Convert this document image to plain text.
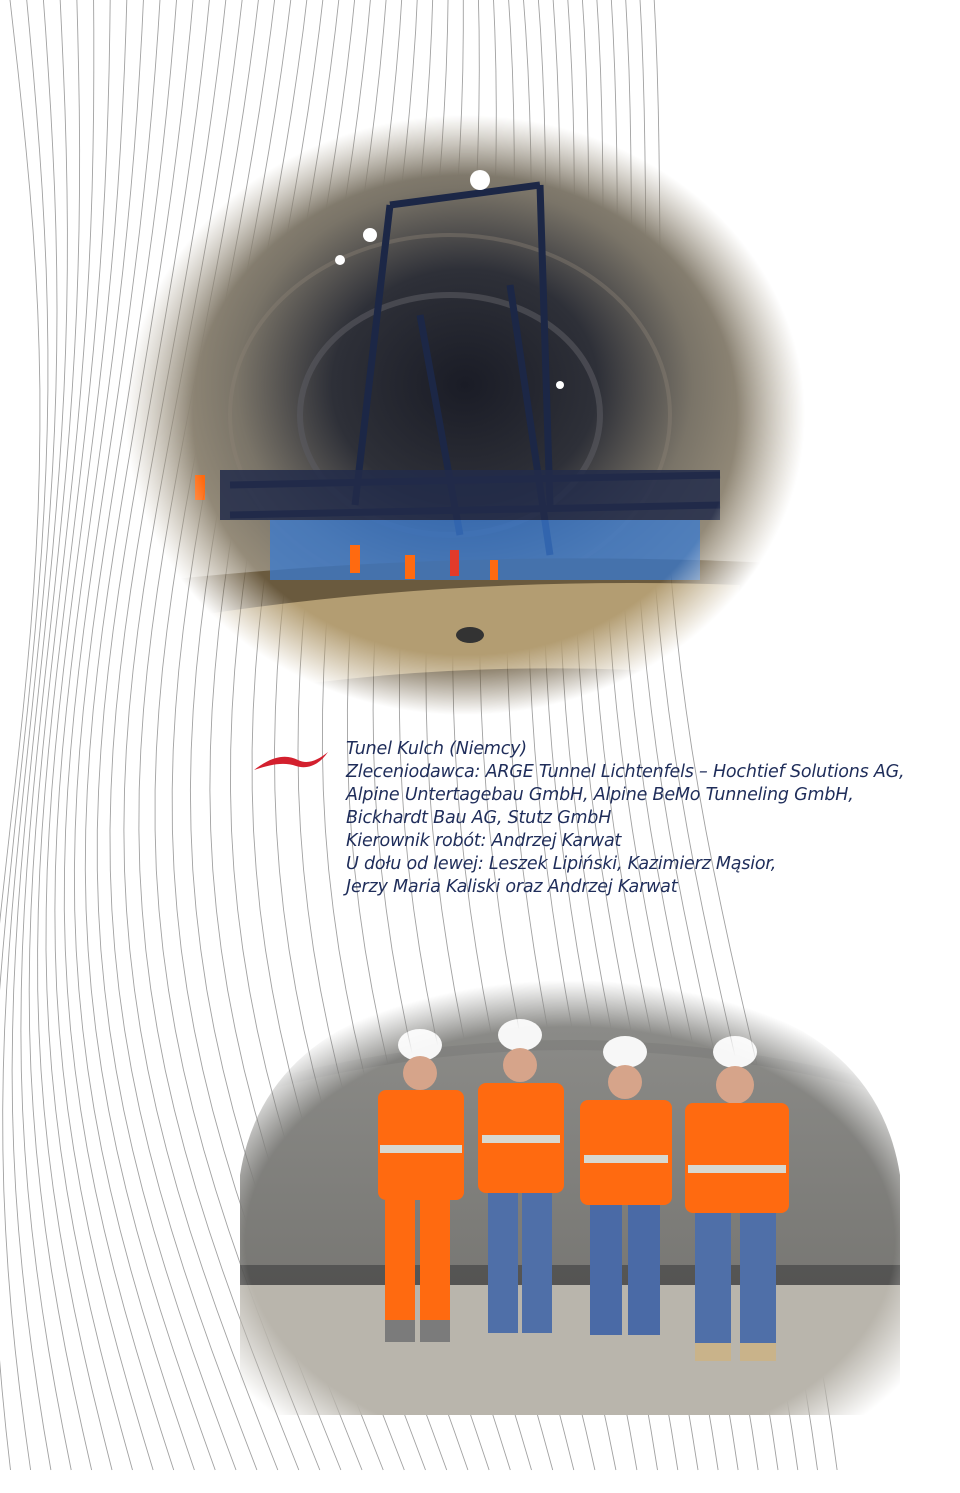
Tunel Kulch (Niemcy)
Zleceniodawca: ARGE Tunnel Lichtenfels – Hochtief Solutions AG,
Alpine Untertagebau GmbH, Alpine BeMo Tunneling GmbH,
Bickhardt Bau AG, Stutz GmbH
Kierownik robót: Andrzej Karwat
U dołu od lewej: Leszek Lipiński, Kazimierz Mąsior,
Jerzy Maria Kaliski oraz Andrzej Karwat
